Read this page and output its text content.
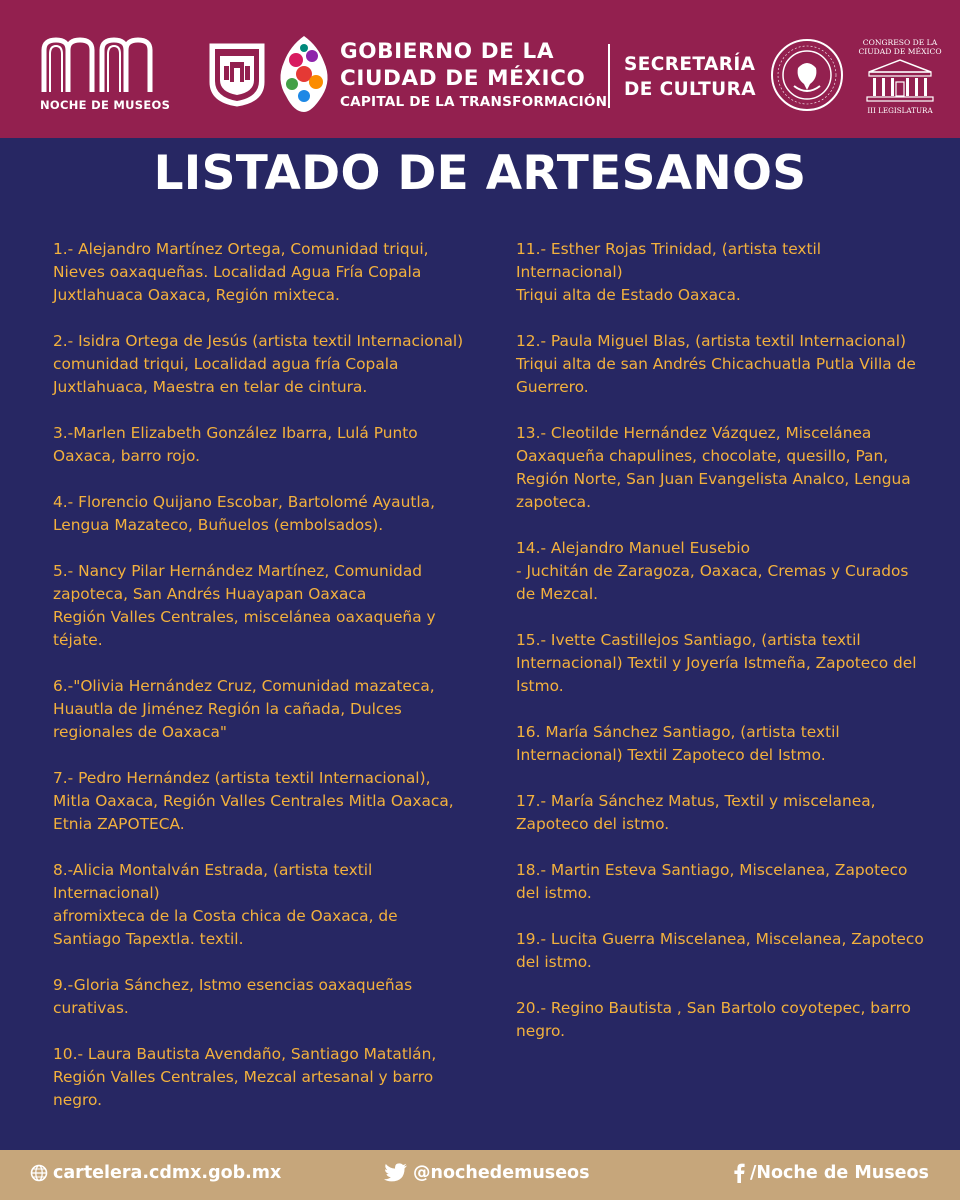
NOCHE DE MUSEOS
GOBIERNO DE LA
CIUDAD DE MÉXICO
CAPITAL DE LA TRANSFORMACIÓN
SECRETARÍA
DE CULTURA
CONGRESO DE LA
CIUDAD DE MÉXICO
III LEGISLATURA
LISTADO DE ARTESANOS
1.- Alejandro Martínez Ortega, Comunidad triqui,
Nieves oaxaqueñas. Localidad Agua Fría Copala
Juxtlahuaca Oaxaca, Región mixteca.
2.- Isidra Ortega de Jesús (artista textil Internacional)
comunidad triqui, Localidad agua fría Copala
Juxtlahuaca, Maestra en telar de cintura.
3.-Marlen Elizabeth González Ibarra, Lulá Punto
Oaxaca, barro rojo.
4.- Florencio Quijano Escobar, Bartolomé Ayautla,
Lengua Mazateco, Buñuelos (embolsados).
5.- Nancy Pilar Hernández Martínez, Comunidad
zapoteca, San Andrés Huayapan Oaxaca
Región Valles Centrales, miscelánea oaxaqueña y
téjate.
6.-"Olivia Hernández Cruz, Comunidad mazateca,
Huautla de Jiménez Región la cañada, Dulces
regionales de Oaxaca"
7.- Pedro Hernández (artista textil Internacional),
Mitla Oaxaca, Región Valles Centrales Mitla Oaxaca,
Etnia ZAPOTECA.
8.-Alicia Montalván Estrada, (artista textil
Internacional)
afromixteca de la Costa chica de Oaxaca, de
Santiago Tapextla. textil.
9.-Gloria Sánchez, Istmo esencias oaxaqueñas
curativas.
10.- Laura Bautista Avendaño, Santiago Matatlán,
Región Valles Centrales, Mezcal artesanal y barro
negro.
11.- Esther Rojas Trinidad, (artista textil
Internacional)
Triqui alta de Estado Oaxaca.
12.- Paula Miguel Blas, (artista textil Internacional)
Triqui alta de san Andrés Chicachuatla Putla Villa de
Guerrero.
13.- Cleotilde Hernández Vázquez, Miscelánea
Oaxaqueña chapulines, chocolate, quesillo, Pan,
Región Norte, San Juan Evangelista Analco, Lengua
zapoteca.
14.- Alejandro Manuel Eusebio
- Juchitán de Zaragoza, Oaxaca, Cremas y Curados
de Mezcal.
15.- Ivette Castillejos Santiago, (artista textil
Internacional) Textil y Joyería Istmeña, Zapoteco del
Istmo.
16. María Sánchez Santiago, (artista textil
Internacional) Textil Zapoteco del Istmo.
17.- María Sánchez Matus, Textil y miscelanea,
Zapoteco del istmo.
18.- Martin Esteva Santiago, Miscelanea, Zapoteco
del istmo.
19.- Lucita Guerra Miscelanea, Miscelanea, Zapoteco
del istmo.
20.- Regino Bautista , San Bartolo coyotepec, barro
negro.
cartelera.cdmx.gob.mx	@nochedemuseos	/Noche de Museos
